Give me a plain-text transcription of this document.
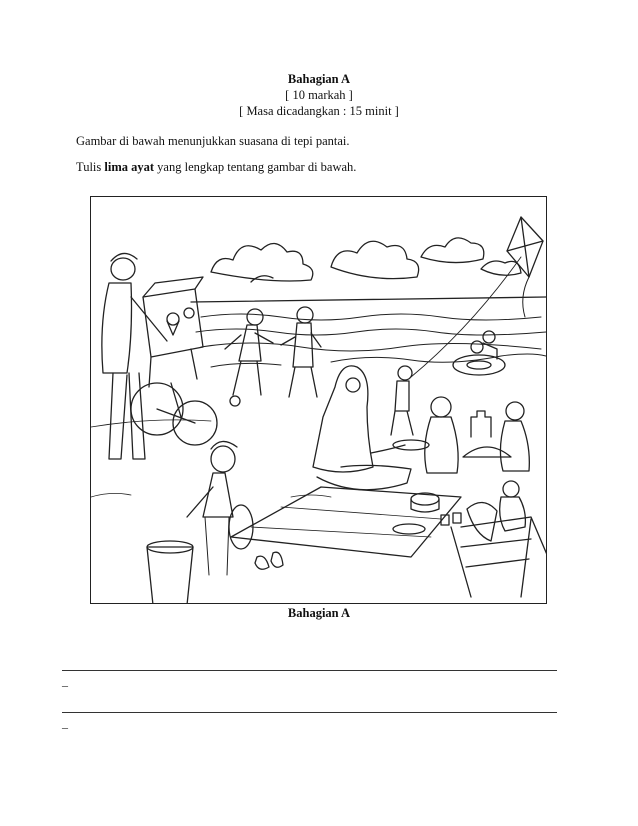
Bahagian A
[ 10 markah ]
[ Masa dicadangkan : 15 minit ]
Gambar di bawah menunjukkan suasana di tepi pantai.
Tulis lima ayat yang lengkap tentang gambar di bawah.
Bahagian A
–
–
